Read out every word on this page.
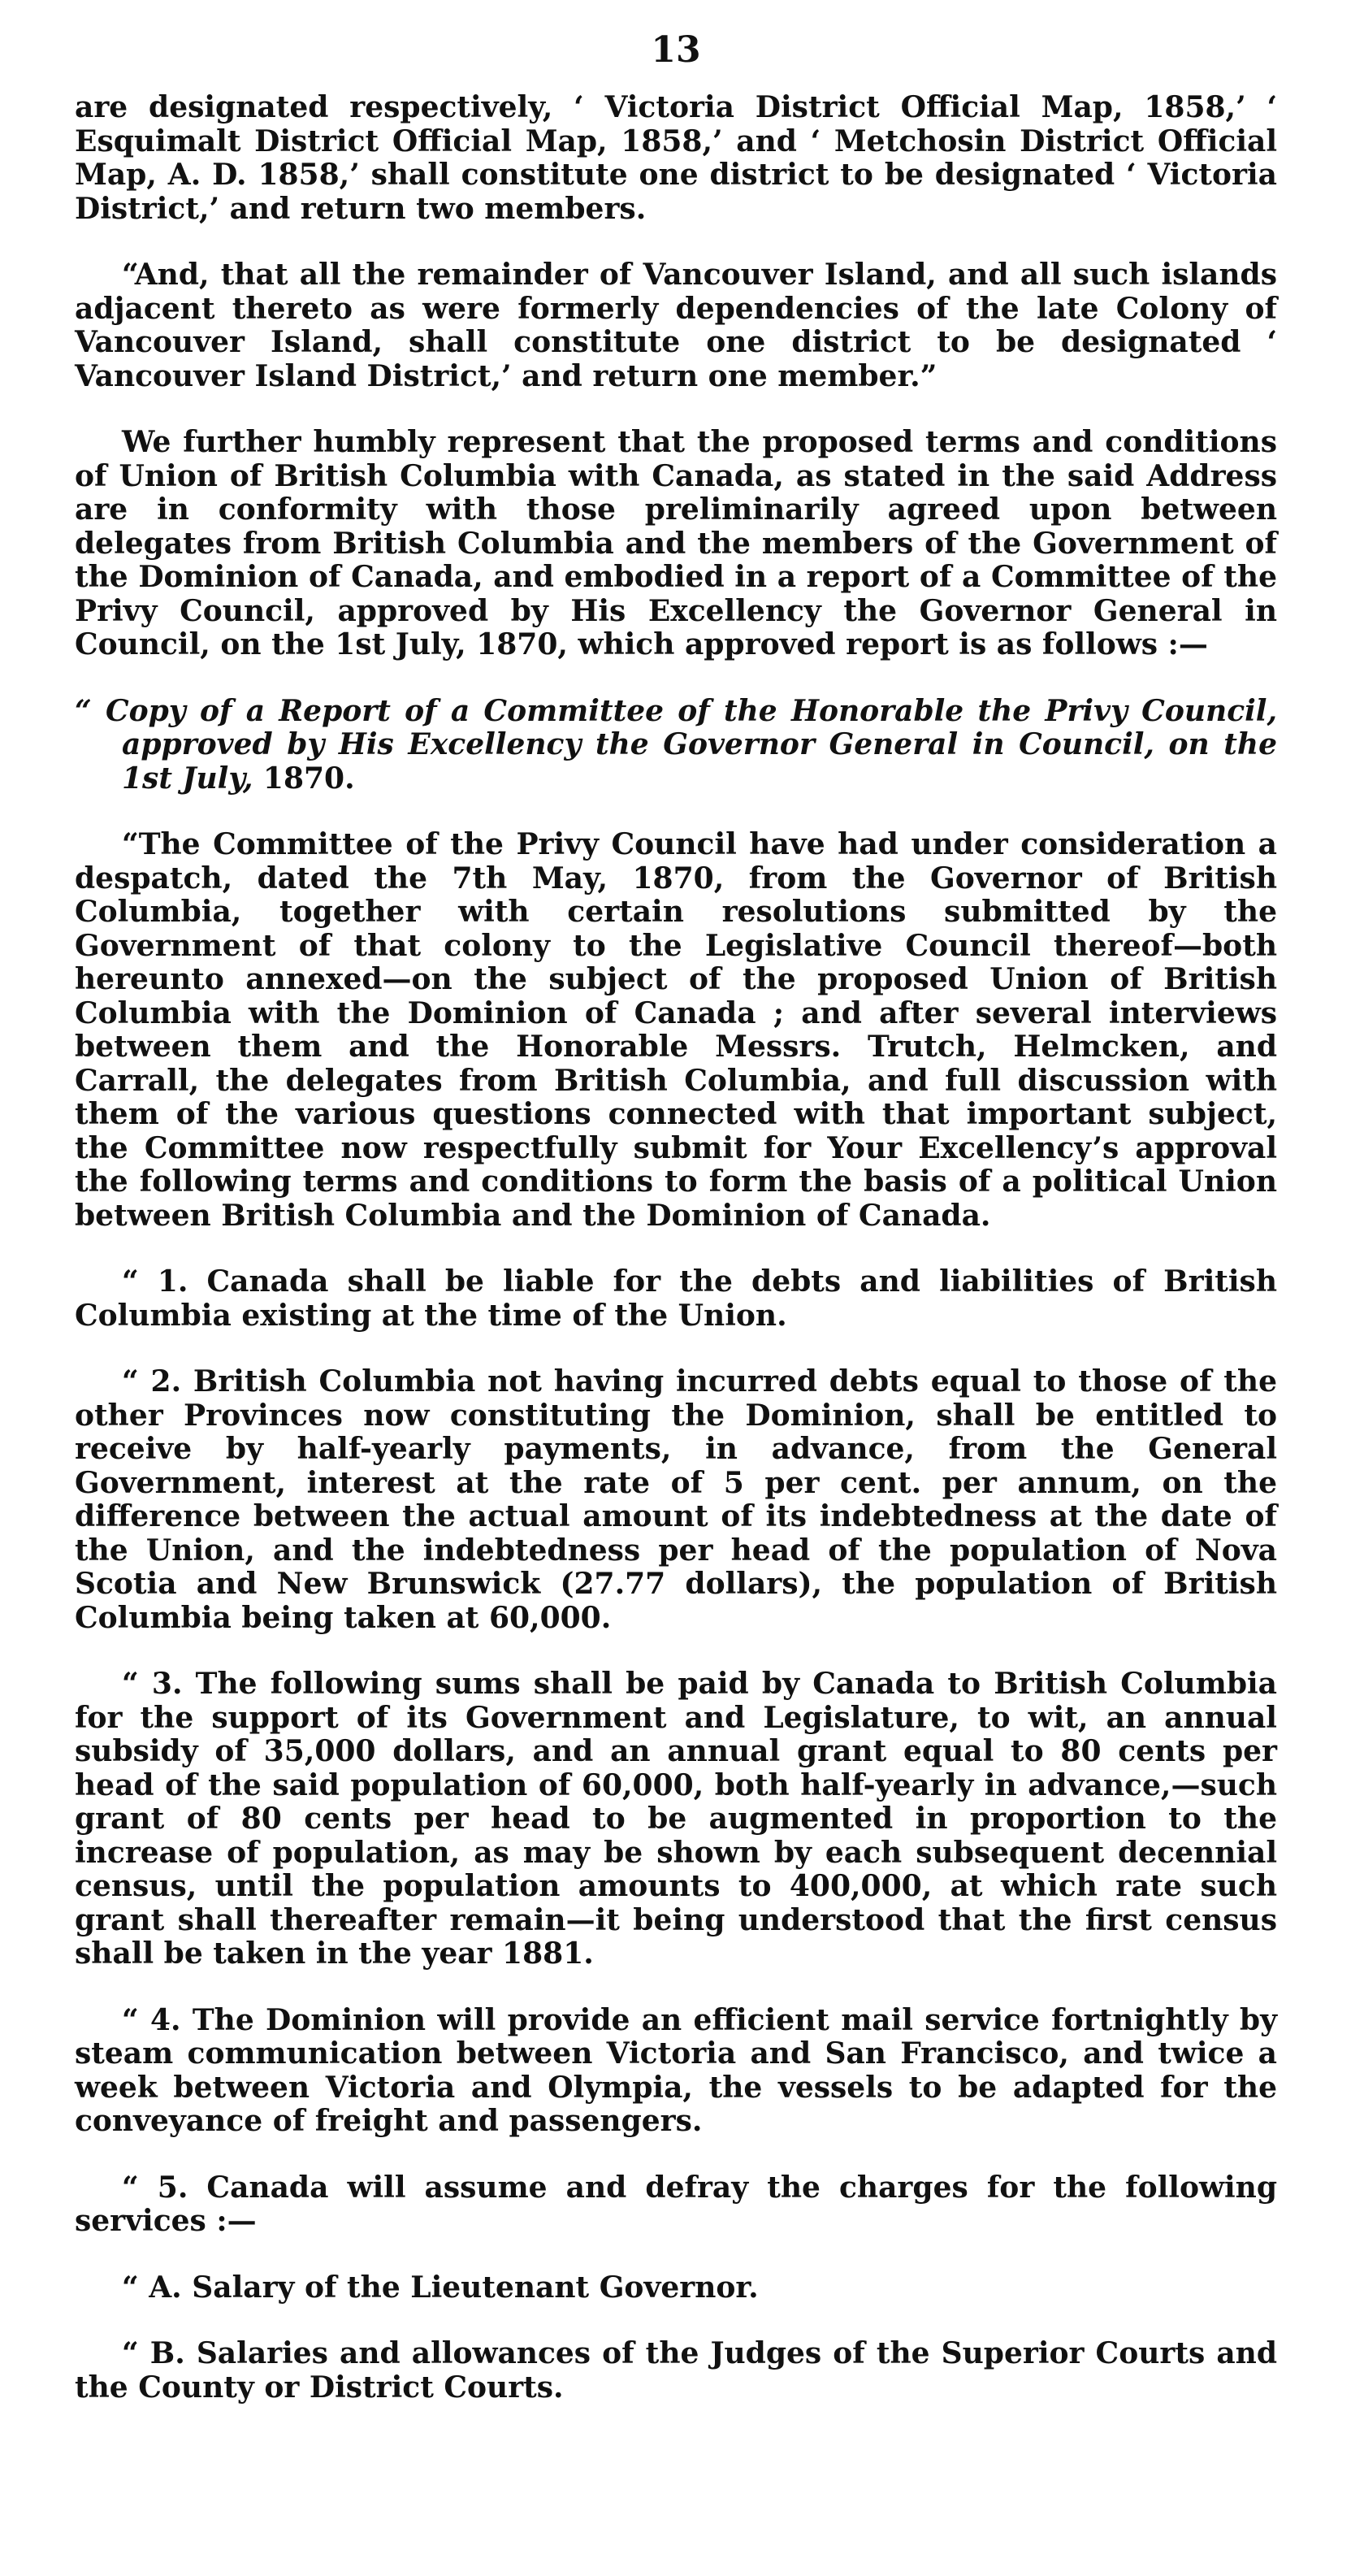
13

are designated respectively, ‘ Victoria District Official Map, 1858,’ ‘ Esquimalt District Official Map, 1858,’ and ‘ Metchosin District Official Map, A. D. 1858,’ shall constitute one district to be designated ‘ Victoria District,’ and return two members.

“And, that all the remainder of Vancouver Island, and all such islands adjacent thereto as were formerly dependencies of the late Colony of Vancouver Island, shall constitute one district to be designated ‘ Vancouver Island District,’ and return one member.”

We further humbly represent that the proposed terms and conditions of Union of British Columbia with Canada, as stated in the said Address are in conformity with those preliminarily agreed upon between delegates from British Columbia and the members of the Government of the Dominion of Canada, and embodied in a report of a Committee of the Privy Council, approved by His Excellency the Governor General in Council, on the 1st July, 1870, which approved report is as follows :—

“ Copy of a Report of a Committee of the Honorable the Privy Council, approved by His Excellency the Governor General in Council, on the 1st July, 1870.

“The Committee of the Privy Council have had under consideration a despatch, dated the 7th May, 1870, from the Governor of British Columbia, together with certain resolutions submitted by the Government of that colony to the Legislative Council thereof—both hereunto annexed—on the subject of the proposed Union of British Columbia with the Dominion of Canada ; and after several interviews between them and the Honorable Messrs. Trutch, Helmcken, and Carrall, the delegates from British Columbia, and full discussion with them of the various questions connected with that important subject, the Committee now respectfully submit for Your Excellency’s approval the following terms and conditions to form the basis of a political Union between British Columbia and the Dominion of Canada.

“ 1. Canada shall be liable for the debts and liabilities of British Columbia existing at the time of the Union.

“ 2. British Columbia not having incurred debts equal to those of the other Provinces now constituting the Dominion, shall be entitled to receive by half-yearly payments, in advance, from the General Government, interest at the rate of 5 per cent. per annum, on the difference between the actual amount of its indebtedness at the date of the Union, and the indebtedness per head of the population of Nova Scotia and New Brunswick (27.77 dollars), the population of British Columbia being taken at 60,000.

“ 3. The following sums shall be paid by Canada to British Columbia for the support of its Government and Legislature, to wit, an annual subsidy of 35,000 dollars, and an annual grant equal to 80 cents per head of the said population of 60,000, both half-yearly in advance,—such grant of 80 cents per head to be augmented in proportion to the increase of population, as may be shown by each subsequent decennial census, until the population amounts to 400,000, at which rate such grant shall thereafter remain—it being understood that the first census shall be taken in the year 1881.

“ 4. The Dominion will provide an efficient mail service fortnightly by steam communication between Victoria and San Francisco, and twice a week between Victoria and Olympia, the vessels to be adapted for the conveyance of freight and passengers.

“ 5. Canada will assume and defray the charges for the following services :—

“ A. Salary of the Lieutenant Governor.

“ B. Salaries and allowances of the Judges of the Superior Courts and the County or District Courts.
